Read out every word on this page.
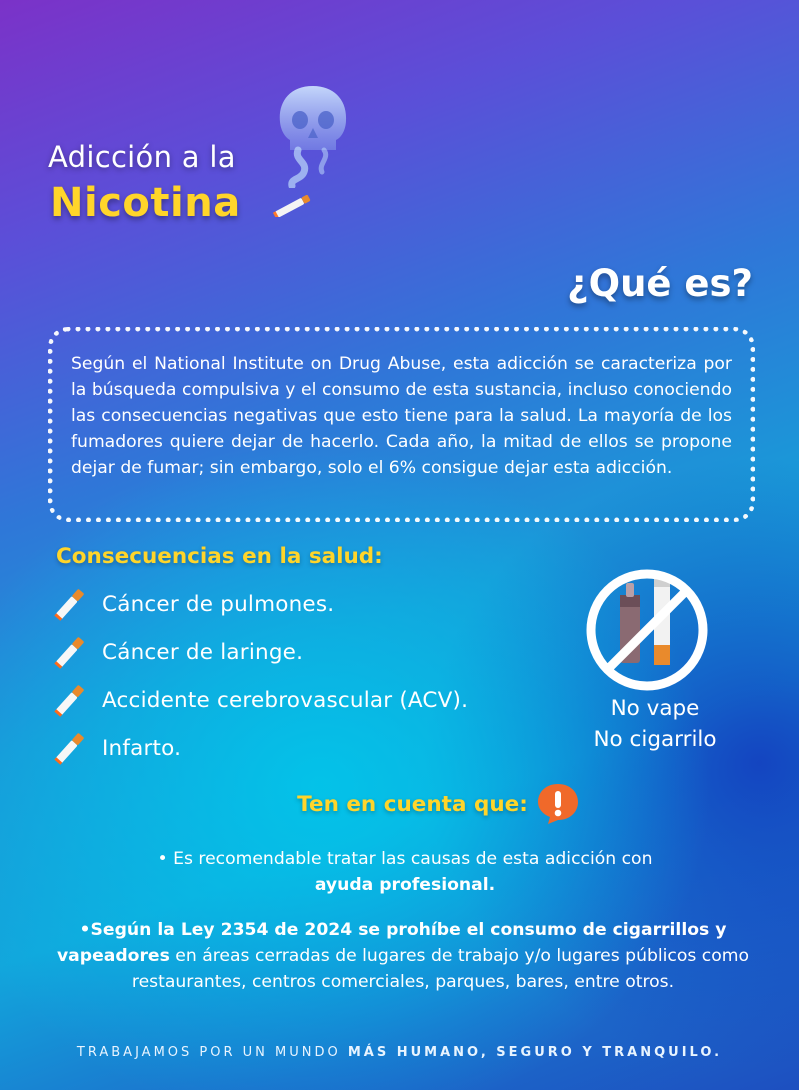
Adicción a la
Nicotina
¿Qué es?
Según el National Institute on Drug Abuse, esta adicción se caracteriza por la búsqueda compulsiva y el consumo de esta sustancia, incluso conociendo las consecuencias negativas que esto tiene para la salud. La mayoría de los fumadores quiere dejar de hacerlo. Cada año, la mitad de ellos se propone dejar de fumar; sin embargo, solo el 6% consigue dejar esta adicción.
Consecuencias en la salud:
Cáncer de pulmones.
Cáncer de laringe.
Accidente cerebrovascular (ACV).
Infarto.
No vape
No cigarrilo
Ten en cuenta que:
• Es recomendable tratar las causas de esta adicción con
ayuda profesional.
•Según la Ley 2354 de 2024 se prohíbe el consumo de cigarrillos y vapeadores en áreas cerradas de lugares de trabajo y/o lugares públicos como restaurantes, centros comerciales, parques, bares, entre otros.
TRABAJAMOS POR UN MUNDO MÁS HUMANO, SEGURO Y TRANQUILO.
